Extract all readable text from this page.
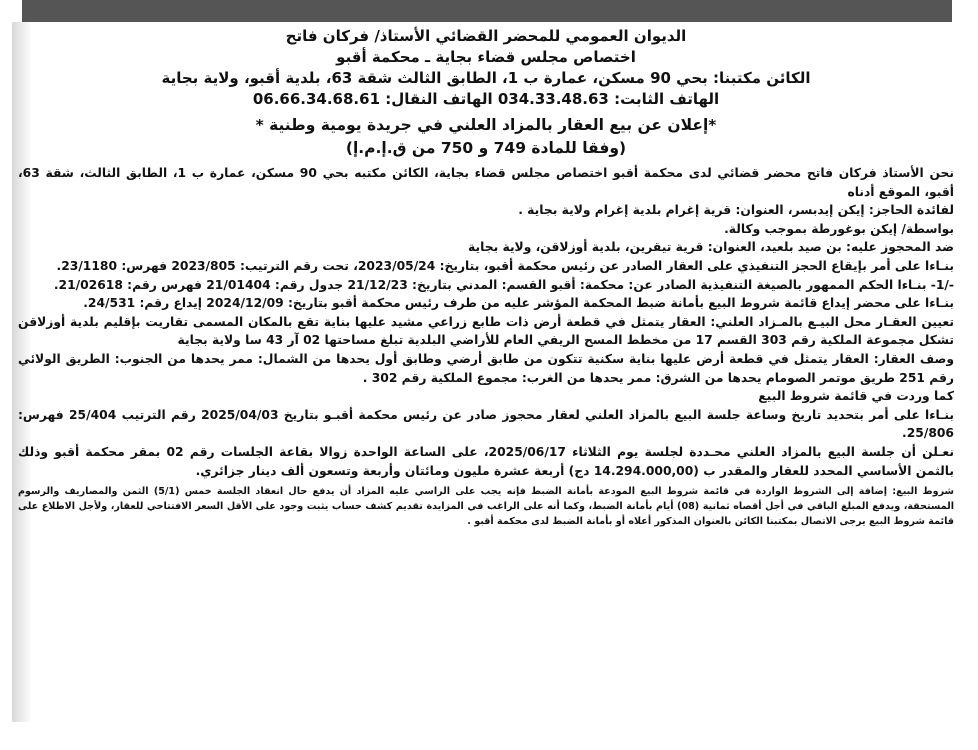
الديوان العمومي للمحضر القضائي الأستاذ/ فركان فاتح

اختصاص مجلس قضاء بجاية ـ محكمة أقبو

الكائن مكتبنا: بحي 90 مسكن، عمارة ب 1، الطابق الثالث شقة 63، بلدية أقبو، ولاية بجاية

الهاتف الثابت: 034.33.48.63 الهاتف النقال: 06.66.34.68.61

*إعلان عن بيع العقار بالمزاد العلني في جريدة يومية وطنية *

(وفقا للمادة 749 و 750 من ق.إ.م.إ)

نحن الأستاذ فركان فاتح محضر قضائي لدى محكمة أقبو اختصاص مجلس قضاء بجاية، الكائن مكتبه بحي 90 مسكن، عمارة ب 1، الطابق الثالث، شقة 63، أقبو، الموقع أدناه

لفائدة الحاجز: إيكن إيدبسر، العنوان: قرية إغرام بلدية إغرام ولاية بجاية .

بواسطة/ إيكن بوغورطة بموجب وكالة.

ضد المحجوز عليه: بن صيد بلعيد، العنوان: قرية تيقرين، بلدية أوزلاقن، ولاية بجاية

بنـاءا على أمر بإيقاع الحجز التنفيذي على العقار الصادر عن رئيس محكمة أقبو، بتاريخ: 2023/05/24، تحت رقم الترتيب: 2023/805 فهرس: 23/1180.

-/1- بنـاءا الحكم الممهور بالصيغة التنفيذية الصادر عن: محكمة: أقبو القسم: المدني بتاريخ: 21/12/23 جدول رقم: 21/01404 فهرس رقم: 21/02618.

بنـاءا على محضر إيداع قائمة شروط البيع بأمانة ضبط المحكمة المؤشر عليه من طرف رئيس محكمة أقبو بتاريخ: 2024/12/09 إيداع رقم: 24/531.

تعيين العقـار محل البيـع بالمـزاد العلني: العقار يتمثل في قطعة أرض ذات طابع زراعي مشيد عليها بناية تقع بالمكان المسمى تقاريت بإقليم بلدية أوزلاقن تشكل مجموعة الملكية رقم 303 القسم 17 من مخطط المسح الريفي العام للأراضي البلدية تبلغ مساحتها 02 آر 43 سا ولاية بجاية

وصف العقار: العقار يتمثل في قطعة أرض عليها بناية سكنية تتكون من طابق أرضي وطابق أول يحدها من الشمال: ممر يحدها من الجنوب: الطريق الولائي رقم 251 طريق موتمر الصومام يحدها من الشرق: ممر يحدها من الغرب: مجموع الملكية رقم 302 .

كما وردت في قائمة شروط البيع

بنـاءا على أمر بتحديد تاريخ وساعة جلسة البيع بالمزاد العلني لعقار محجوز صادر عن رئيس محكمة أقبـو بتاريخ 2025/04/03 رقم الترتيب 25/404 فهرس: 25/806.

نعـلن أن جلسة البيع بالمزاد العلني محـددة لجلسة يوم الثلاثاء 2025/06/17، على الساعة الواحدة زوالا بقاعة الجلسات رقم 02 بمقر محكمة أقبو وذلك بالثمن الأساسي المحدد للعقار والمقدر ب (14.294.000,00 دج) أربعة عشرة مليون ومائتان وأربعة وتسعون ألف دينار جزائري.

شروط البيع: إضافة إلى الشروط الواردة في قائمة شروط البيع المودعة بأمانة الضبط فإنه يجب على الراسي عليه المزاد أن يدفع حال انعقاد الجلسة خمس (5/1) الثمن والمصاريف والرسوم المستحقة، ويدفع المبلغ الباقي في أجل أقصاه ثمانية (08) أيام بأمانة الضبط، وكما أنه على الراغب في المزايدة تقديم كشف حساب يثبت وجود على الأقل السعر الافتتاحي للعقار، ولأجل الاطلاع على قائمة شروط البيع يرجى الاتصال بمكتبنا الكائن بالعنوان المذكور أعلاه أو بأمانة الضبط لدى محكمة أقبو .
